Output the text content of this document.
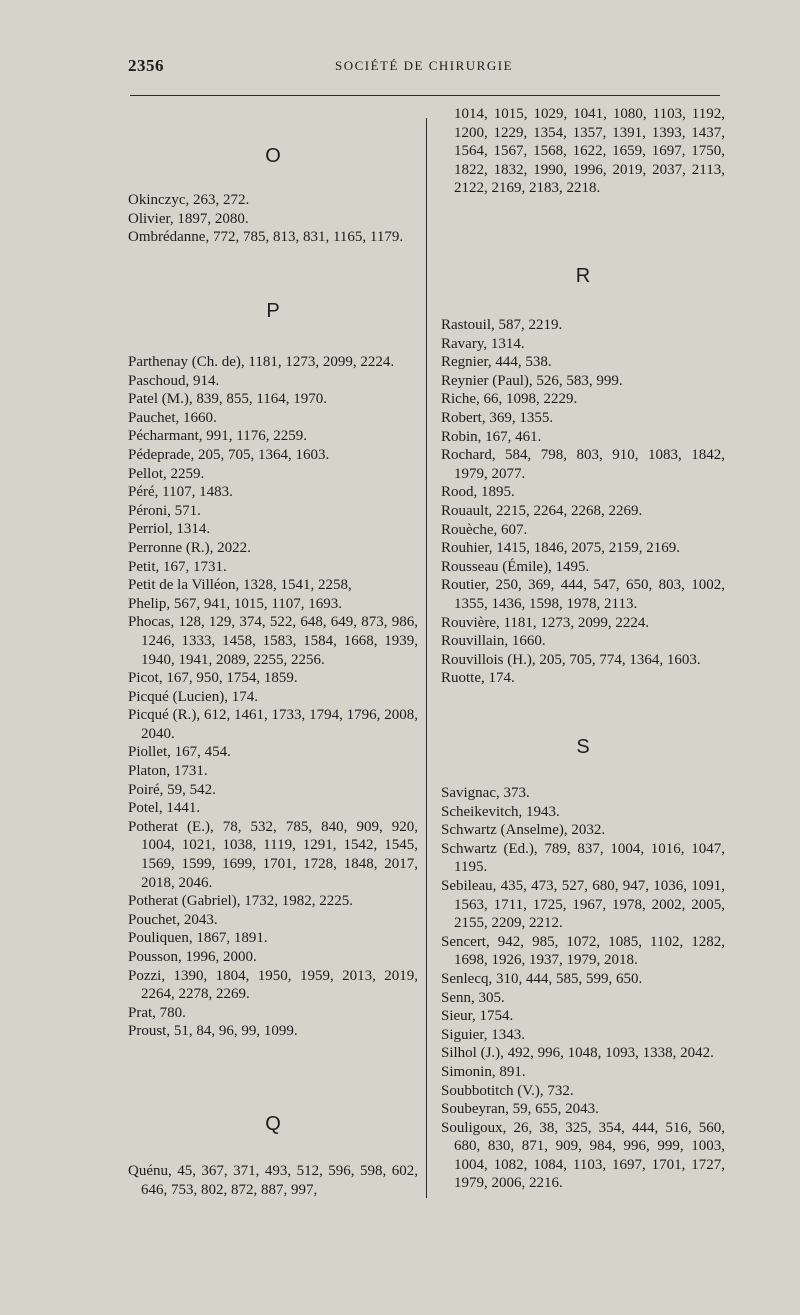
2356	SOCIÉTÉ DE CHIRURGIE
O

Okinczyc, 263, 272.

Olivier, 1897, 2080.

Ombrédanne, 772, 785, 813, 831, 1165, 1179.

P

Parthenay (Ch. de), 1181, 1273, 2099, 2224.

Paschoud, 914.

Patel (M.), 839, 855, 1164, 1970.

Pauchet, 1660.

Pécharmant, 991, 1176, 2259.

Pédeprade, 205, 705, 1364, 1603.

Pellot, 2259.

Péré, 1107, 1483.

Péroni, 571.

Perriol, 1314.

Perronne (R.), 2022.

Petit, 167, 1731.

Petit de la Villéon, 1328, 1541, 2258,

Phelip, 567, 941, 1015, 1107, 1693.

Phocas, 128, 129, 374, 522, 648, 649, 873, 986, 1246, 1333, 1458, 1583, 1584, 1668, 1939, 1940, 1941, 2089, 2255, 2256.

Picot, 167, 950, 1754, 1859.

Picqué (Lucien), 174.

Picqué (R.), 612, 1461, 1733, 1794, 1796, 2008, 2040.

Piollet, 167, 454.

Platon, 1731.

Poiré, 59, 542.

Potel, 1441.

Potherat (E.), 78, 532, 785, 840, 909, 920, 1004, 1021, 1038, 1119, 1291, 1542, 1545, 1569, 1599, 1699, 1701, 1728, 1848, 2017, 2018, 2046.

Potherat (Gabriel), 1732, 1982, 2225.

Pouchet, 2043.

Pouliquen, 1867, 1891.

Pousson, 1996, 2000.

Pozzi, 1390, 1804, 1950, 1959, 2013, 2019, 2264, 2278, 2269.

Prat, 780.

Proust, 51, 84, 96, 99, 1099.

Q

Quénu, 45, 367, 371, 493, 512, 596, 598, 602, 646, 753, 802, 872, 887, 997,

1014, 1015, 1029, 1041, 1080, 1103, 1192, 1200, 1229, 1354, 1357, 1391, 1393, 1437, 1564, 1567, 1568, 1622, 1659, 1697, 1750, 1822, 1832, 1990, 1996, 2019, 2037, 2113, 2122, 2169, 2183, 2218.

R

Rastouil, 587, 2219.

Ravary, 1314.

Regnier, 444, 538.

Reynier (Paul), 526, 583, 999.

Riche, 66, 1098, 2229.

Robert, 369, 1355.

Robin, 167, 461.

Rochard, 584, 798, 803, 910, 1083, 1842, 1979, 2077.

Rood, 1895.

Rouault, 2215, 2264, 2268, 2269.

Rouèche, 607.

Rouhier, 1415, 1846, 2075, 2159, 2169.

Rousseau (Émile), 1495.

Routier, 250, 369, 444, 547, 650, 803, 1002, 1355, 1436, 1598, 1978, 2113.

Rouvière, 1181, 1273, 2099, 2224.

Rouvillain, 1660.

Rouvillois (H.), 205, 705, 774, 1364, 1603.

Ruotte, 174.

S

Savignac, 373.

Scheikevitch, 1943.

Schwartz (Anselme), 2032.

Schwartz (Ed.), 789, 837, 1004, 1016, 1047, 1195.

Sebileau, 435, 473, 527, 680, 947, 1036, 1091, 1563, 1711, 1725, 1967, 1978, 2002, 2005, 2155, 2209, 2212.

Sencert, 942, 985, 1072, 1085, 1102, 1282, 1698, 1926, 1937, 1979, 2018.

Senlecq, 310, 444, 585, 599, 650.

Senn, 305.

Sieur, 1754.

Siguier, 1343.

Silhol (J.), 492, 996, 1048, 1093, 1338, 2042.

Simonin, 891.

Soubbotitch (V.), 732.

Soubeyran, 59, 655, 2043.

Souligoux, 26, 38, 325, 354, 444, 516, 560, 680, 830, 871, 909, 984, 996, 999, 1003, 1004, 1082, 1084, 1103, 1697, 1701, 1727, 1979, 2006, 2216.
